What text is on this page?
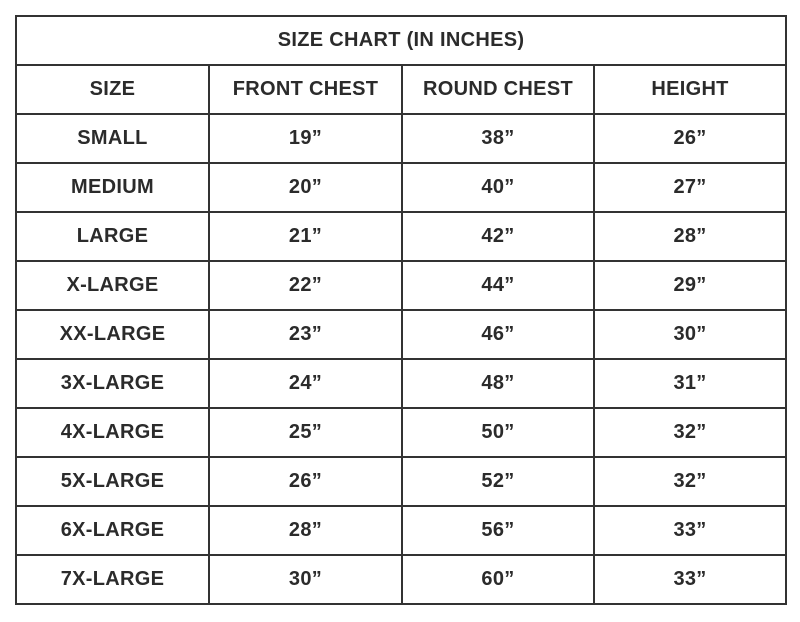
SIZE CHART (IN INCHES)			
SIZE	FRONT CHEST	ROUND CHEST	HEIGHT
SMALL	19”	38”	26”
MEDIUM	20”	40”	27”
LARGE	21”	42”	28”
X-LARGE	22”	44”	29”
XX-LARGE	23”	46”	30”
3X-LARGE	24”	48”	31”
4X-LARGE	25”	50”	32”
5X-LARGE	26”	52”	32”
6X-LARGE	28”	56”	33”
7X-LARGE	30”	60”	33”
